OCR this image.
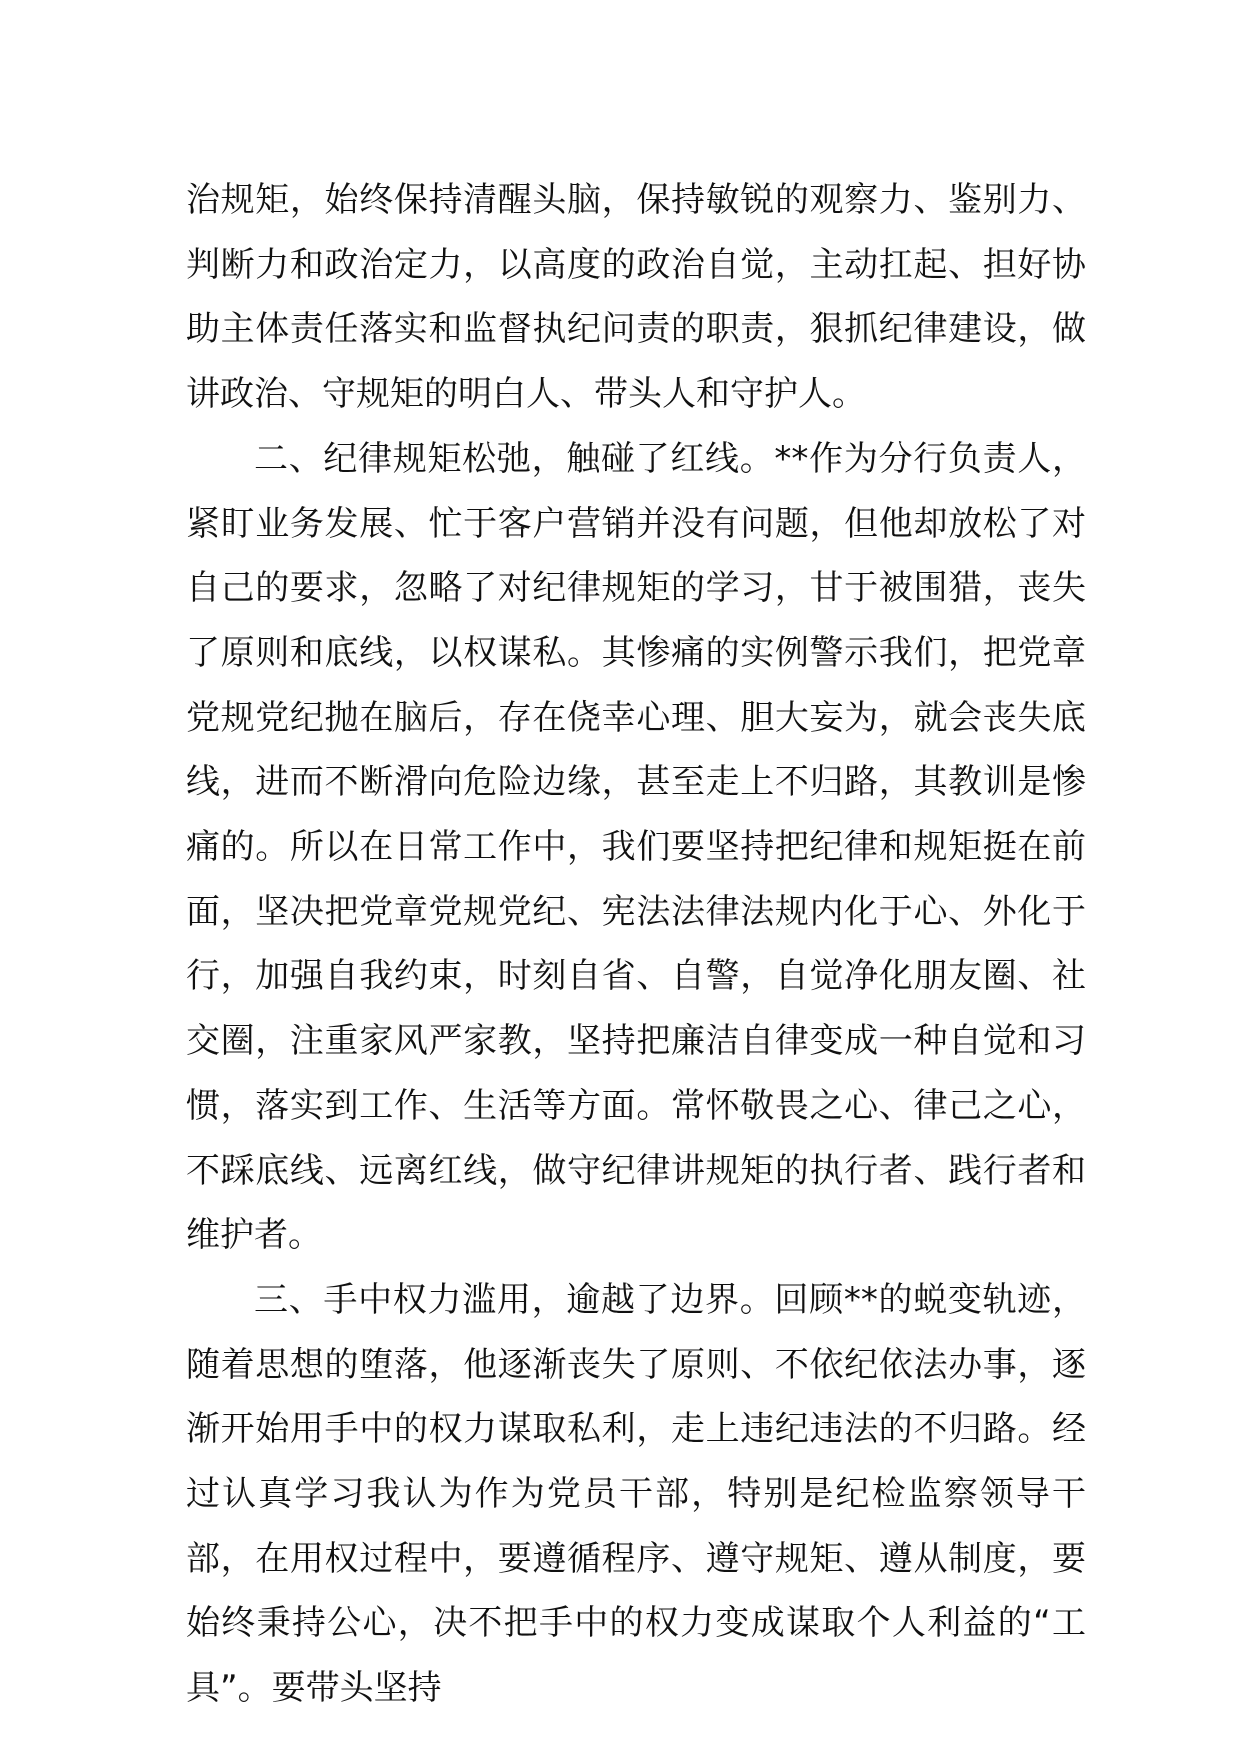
治规矩，始终保持清醒头脑，保持敏锐的观察力、鉴别力、判断力和政治定力，以高度的政治自觉，主动扛起、担好协助主体责任落实和监督执纪问责的职责，狠抓纪律建设，做讲政治、守规矩的明白人、带头人和守护人。

二、纪律规矩松弛，触碰了红线。**作为分行负责人，紧盯业务发展、忙于客户营销并没有问题，但他却放松了对自己的要求，忽略了对纪律规矩的学习，甘于被围猎，丧失了原则和底线，以权谋私。其惨痛的实例警示我们，把党章党规党纪抛在脑后，存在侥幸心理、胆大妄为，就会丧失底线，进而不断滑向危险边缘，甚至走上不归路，其教训是惨痛的。所以在日常工作中，我们要坚持把纪律和规矩挺在前面，坚决把党章党规党纪、宪法法律法规内化于心、外化于行，加强自我约束，时刻自省、自警，自觉净化朋友圈、社交圈，注重家风严家教，坚持把廉洁自律变成一种自觉和习惯，落实到工作、生活等方面。常怀敬畏之心、律己之心，不踩底线、远离红线，做守纪律讲规矩的执行者、践行者和维护者。

三、手中权力滥用，逾越了边界。回顾**的蜕变轨迹，随着思想的堕落，他逐渐丧失了原则、不依纪依法办事，逐渐开始用手中的权力谋取私利，走上违纪违法的不归路。经过认真学习我认为作为党员干部，特别是纪检监察领导干部，在用权过程中，要遵循程序、遵守规矩、遵从制度，要始终秉持公心，决不把手中的权力变成谋取个人利益的“工具”。要带头坚持
